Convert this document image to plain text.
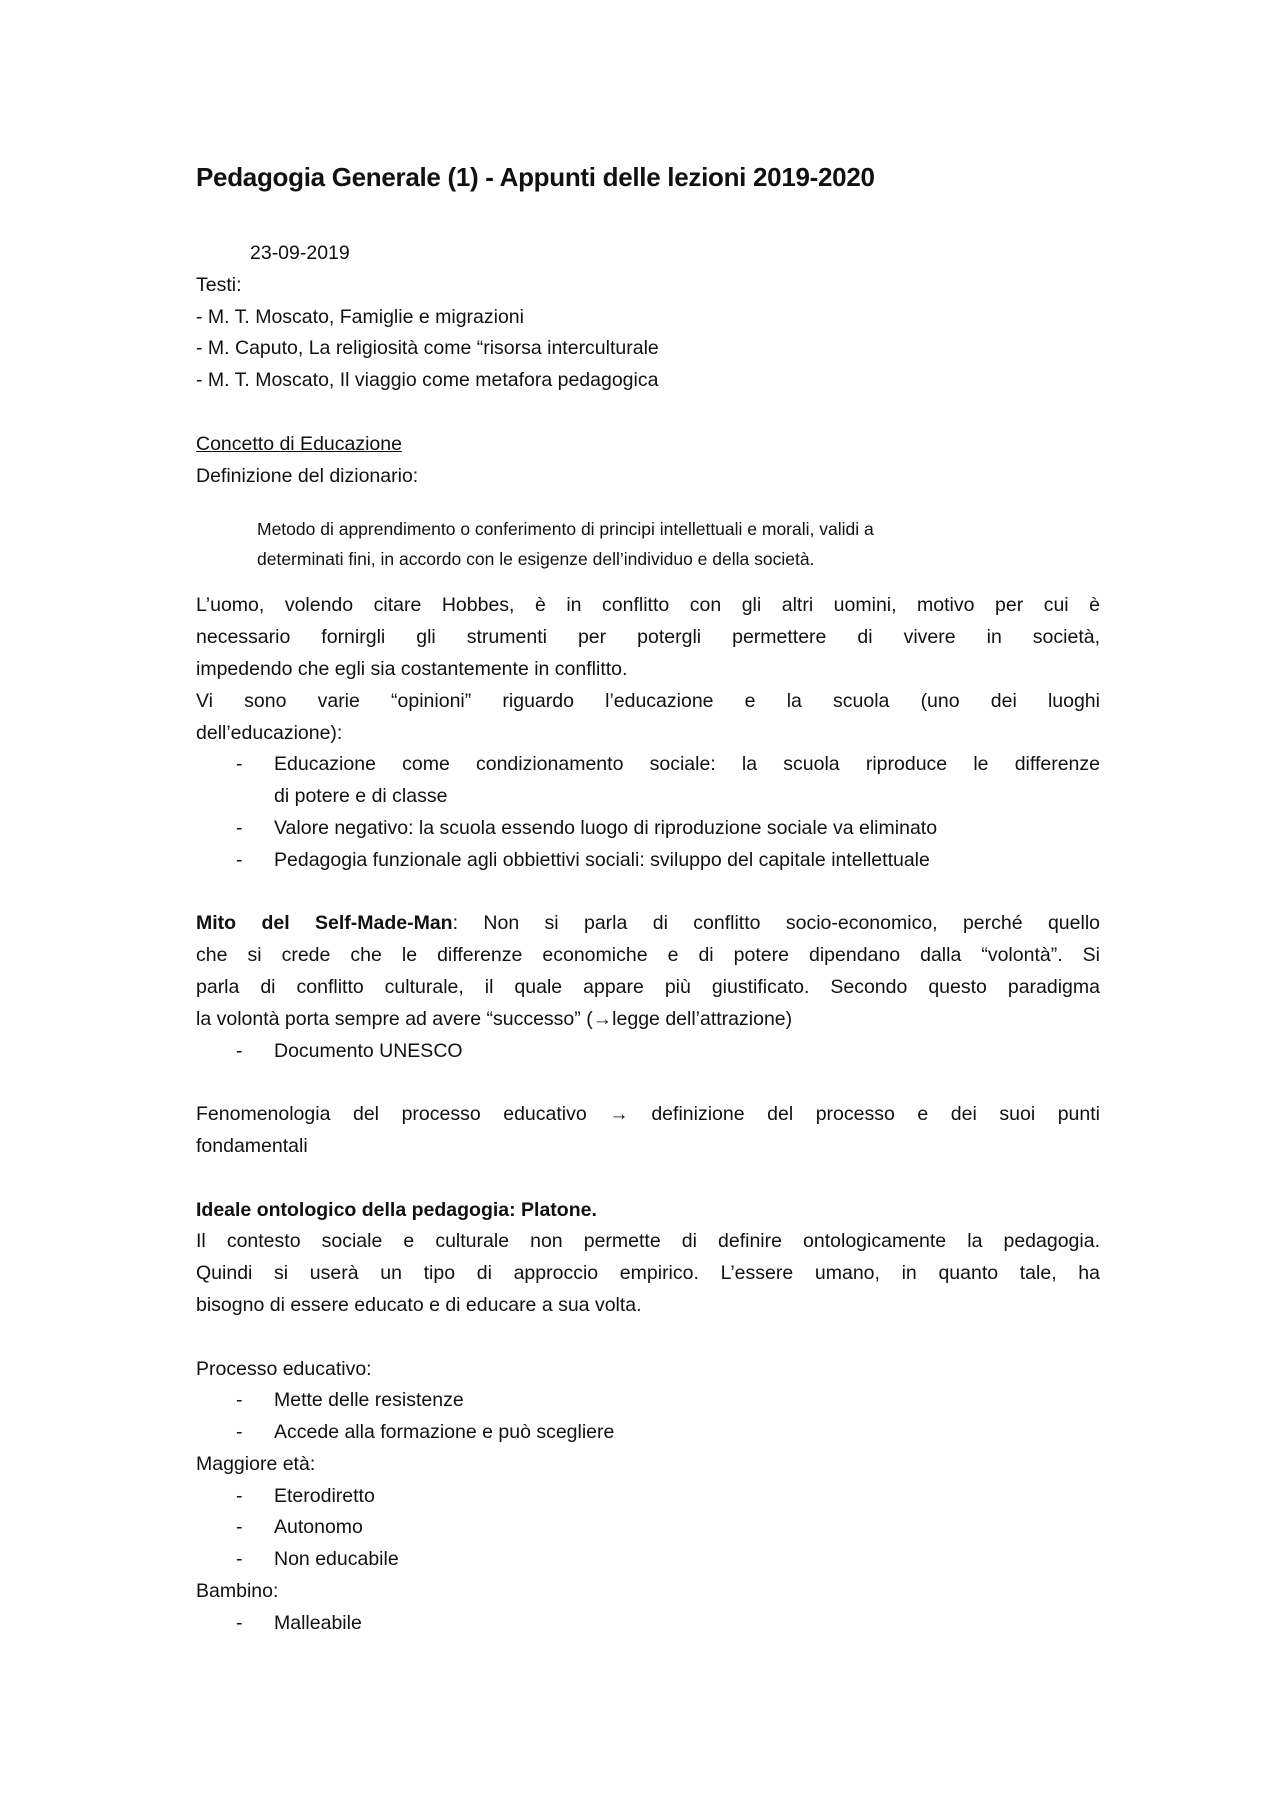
Pedagogia Generale (1) - Appunti delle lezioni 2019-2020
23-09-2019
Testi:
- M. T. Moscato, Famiglie e migrazioni
- M. Caputo, La religiosità come “risorsa interculturale
- M. T. Moscato, Il viaggio come metafora pedagogica
Concetto di Educazione
Definizione del dizionario:
Metodo di apprendimento o conferimento di principi intellettuali e morali, validi a
determinati fini, in accordo con le esigenze dell’individuo e della società.
L’uomo, volendo citare Hobbes, è in conflitto con gli altri uomini, motivo per cui è
necessario fornirgli gli strumenti per potergli permettere di vivere in società,
impedendo che egli sia costantemente in conflitto.
Vi sono varie “opinioni” riguardo l’educazione e la scuola (uno dei luoghi
dell’educazione):
- Educazione come condizionamento sociale: la scuola riproduce le differenze
di potere e di classe
- Valore negativo: la scuola essendo luogo di riproduzione sociale va eliminato
- Pedagogia funzionale agli obbiettivi sociali: sviluppo del capitale intellettuale
Mito del Self-Made-Man: Non si parla di conflitto socio-economico, perché quello
che si crede che le differenze economiche e di potere dipendano dalla “volontà”. Si
parla di conflitto culturale, il quale appare più giustificato. Secondo questo paradigma
la volontà porta sempre ad avere “successo” (→legge dell’attrazione)
- Documento UNESCO
Fenomenologia del processo educativo → definizione del processo e dei suoi punti
fondamentali
Ideale ontologico della pedagogia: Platone.
Il contesto sociale e culturale non permette di definire ontologicamente la pedagogia.
Quindi si userà un tipo di approccio empirico. L’essere umano, in quanto tale, ha
bisogno di essere educato e di educare a sua volta.
Processo educativo:
- Mette delle resistenze
- Accede alla formazione e può scegliere
Maggiore età:
- Eterodiretto
- Autonomo
- Non educabile
Bambino:
- Malleabile
